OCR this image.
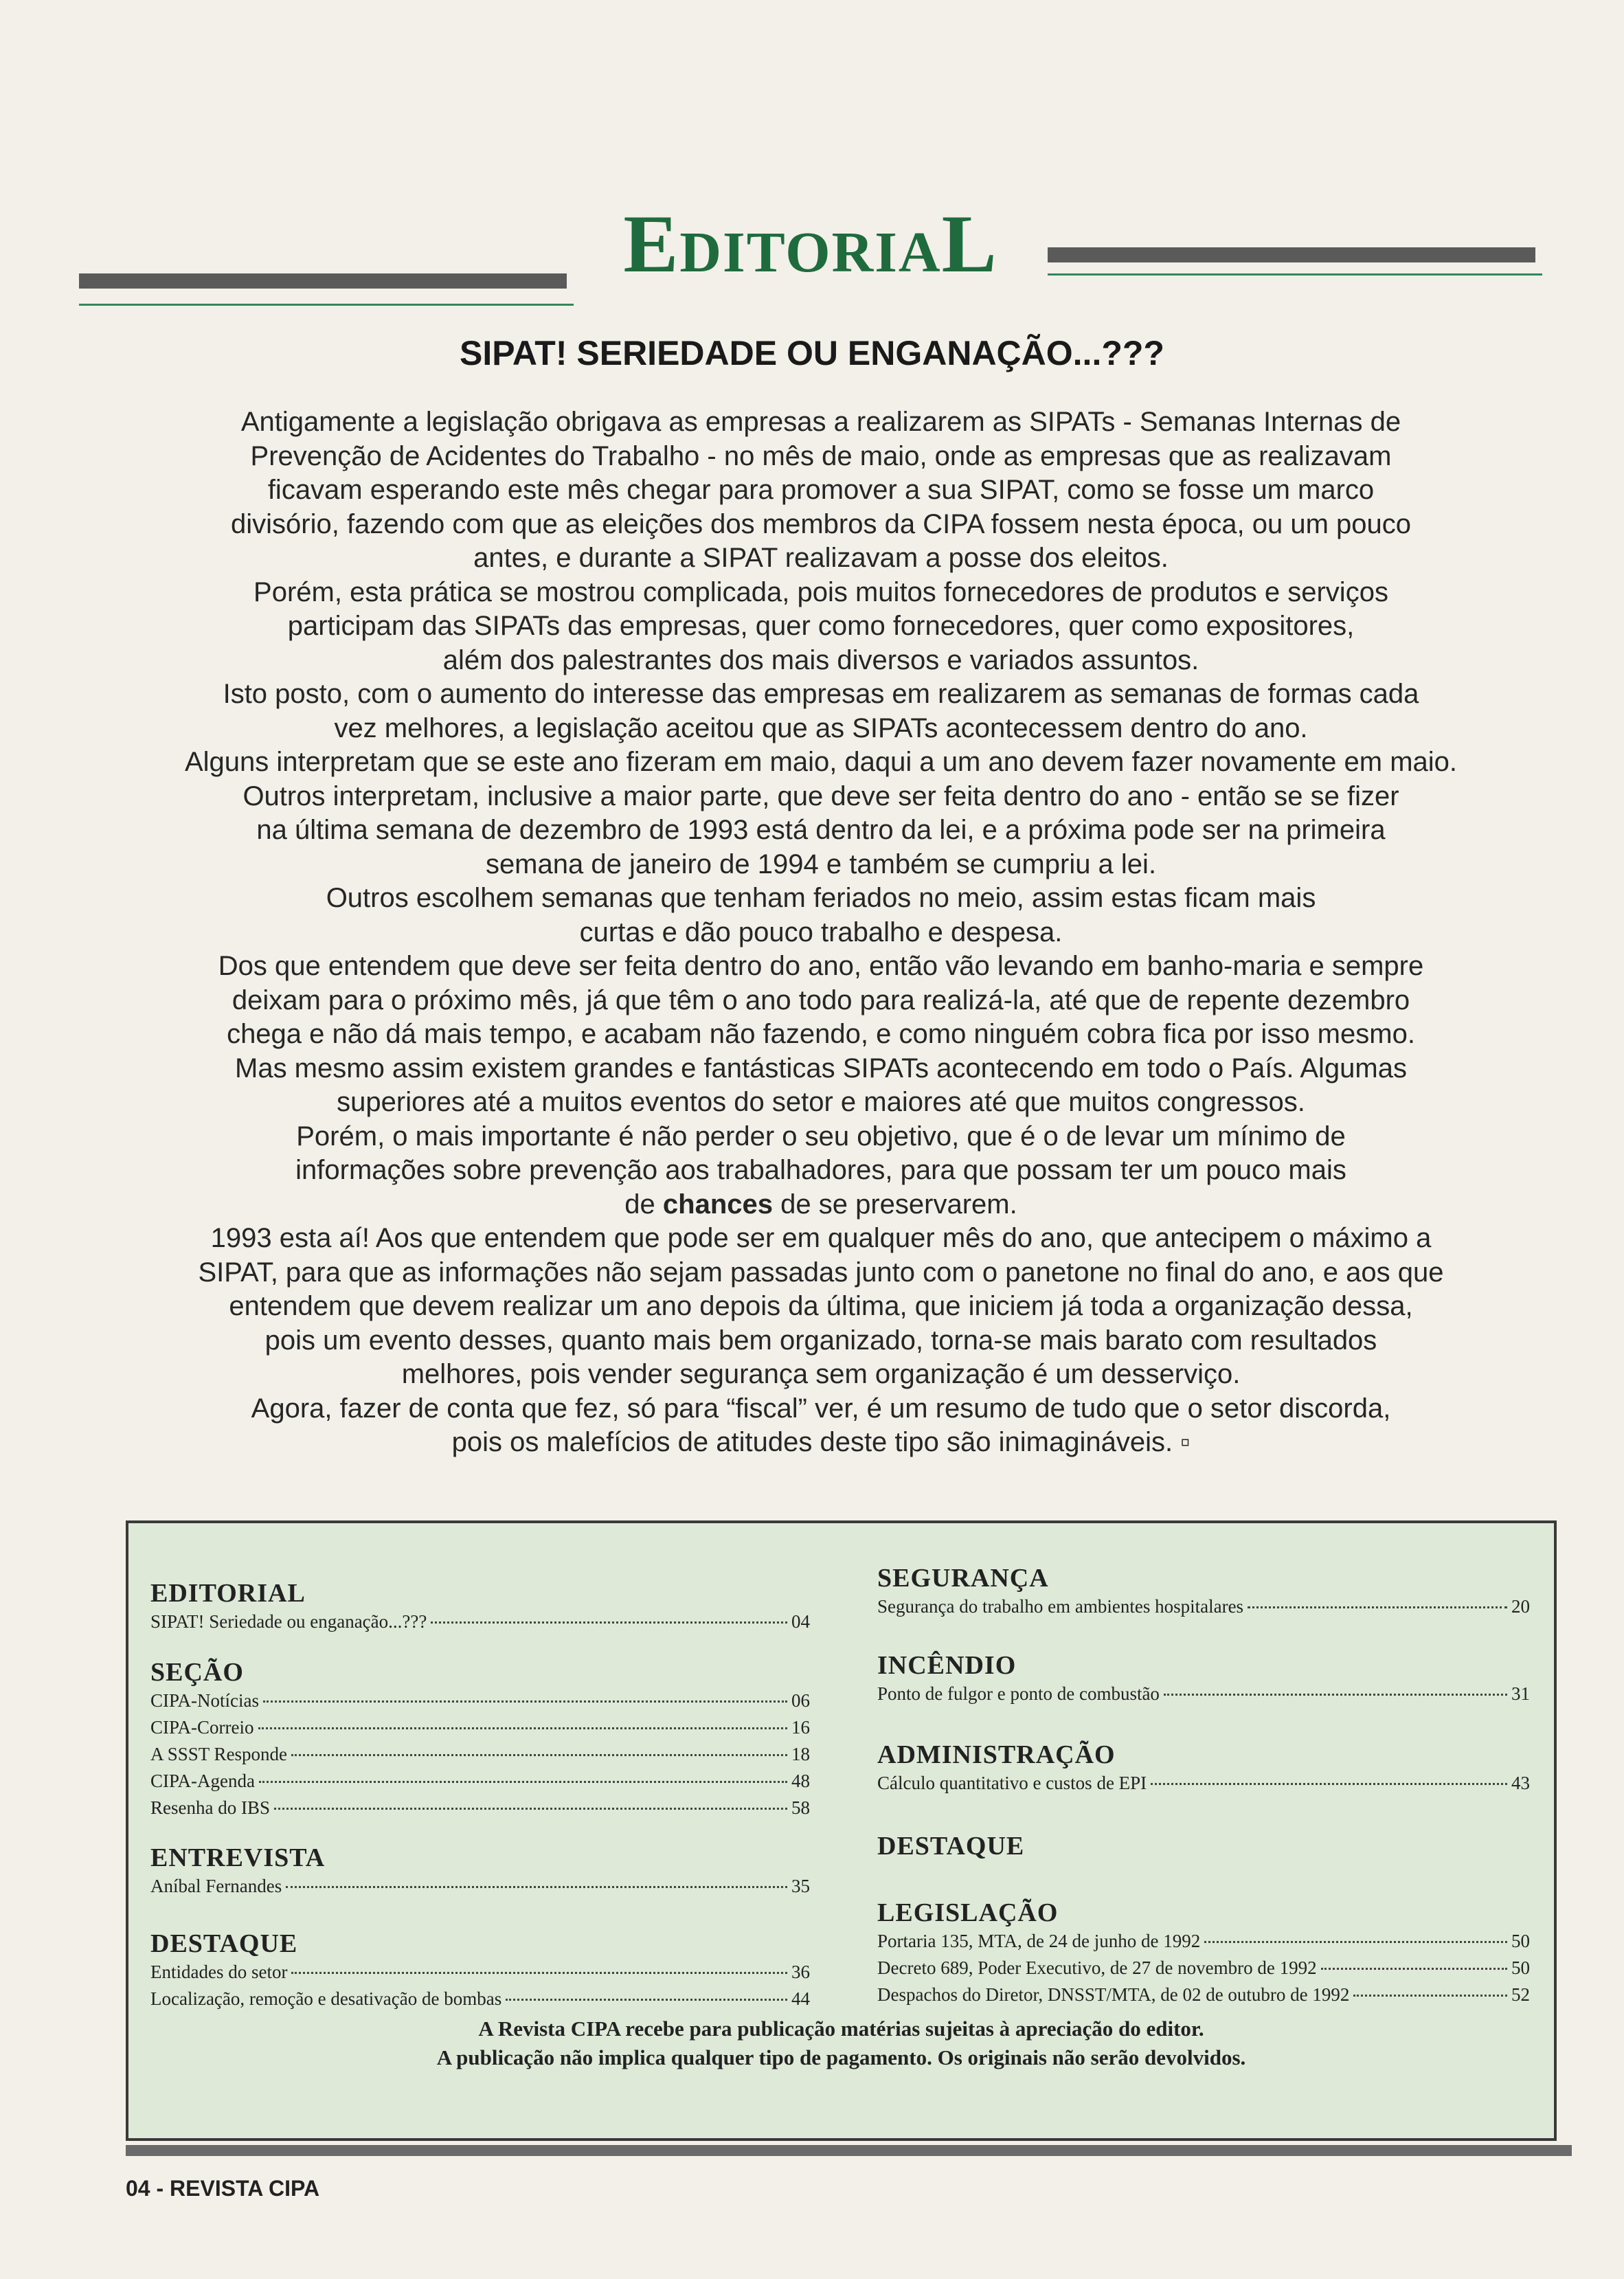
EditoriaL
SIPAT! SERIEDADE OU ENGANAÇÃO...???
Antigamente a legislação obrigava as empresas a realizarem as SIPATs - Semanas Internas de
Prevenção de Acidentes do Trabalho - no mês de maio, onde as empresas que as realizavam
ficavam esperando este mês chegar para promover a sua SIPAT, como se fosse um marco
divisório, fazendo com que as eleições dos membros da CIPA fossem nesta época, ou um pouco
antes, e durante a SIPAT realizavam a posse dos eleitos.
Porém, esta prática se mostrou complicada, pois muitos fornecedores de produtos e serviços
participam das SIPATs das empresas, quer como fornecedores, quer como expositores,
além dos palestrantes dos mais diversos e variados assuntos.
Isto posto, com o aumento do interesse das empresas em realizarem as semanas de formas cada
vez melhores, a legislação aceitou que as SIPATs acontecessem dentro do ano.
Alguns interpretam que se este ano fizeram em maio, daqui a um ano devem fazer novamente em maio.
Outros interpretam, inclusive a maior parte, que deve ser feita dentro do ano - então se se fizer
na última semana de dezembro de 1993 está dentro da lei, e a próxima pode ser na primeira
semana de janeiro de 1994 e também se cumpriu a lei.
Outros escolhem semanas que tenham feriados no meio, assim estas ficam mais
curtas e dão pouco trabalho e despesa.
Dos que entendem que deve ser feita dentro do ano, então vão levando em banho-maria e sempre
deixam para o próximo mês, já que têm o ano todo para realizá-la, até que de repente dezembro
chega e não dá mais tempo, e acabam não fazendo, e como ninguém cobra fica por isso mesmo.
Mas mesmo assim existem grandes e fantásticas SIPATs acontecendo em todo o País. Algumas
superiores até a muitos eventos do setor e maiores até que muitos congressos.
Porém, o mais importante é não perder o seu objetivo, que é o de levar um mínimo de
informações sobre prevenção aos trabalhadores, para que possam ter um pouco mais
de chances de se preservarem.
1993 esta aí! Aos que entendem que pode ser em qualquer mês do ano, que antecipem o máximo a
SIPAT, para que as informações não sejam passadas junto com o panetone no final do ano, e aos que
entendem que devem realizar um ano depois da última, que iniciem já toda a organização dessa,
pois um evento desses, quanto mais bem organizado, torna-se mais barato com resultados
melhores, pois vender segurança sem organização é um desserviço.
Agora, fazer de conta que fez, só para “fiscal” ver, é um resumo de tudo que o setor discorda,
pois os malefícios de atitudes deste tipo são inimagináveis. ▫
EDITORIAL
SIPAT! Seriedade ou enganação...???	04
SEÇÃO
CIPA-Notícias	06
CIPA-Correio	16
A SSST Responde	18
CIPA-Agenda	48
Resenha do IBS	58
ENTREVISTA
Aníbal Fernandes	35
DESTAQUE
Entidades do setor	36
Localização, remoção e desativação de bombas	44
SEGURANÇA
Segurança do trabalho em ambientes hospitalares	20
INCÊNDIO
Ponto de fulgor e ponto de combustão	31
ADMINISTRAÇÃO
Cálculo quantitativo e custos de EPI	43
DESTAQUE
LEGISLAÇÃO
Portaria 135, MTA, de 24 de junho de 1992	50
Decreto 689, Poder Executivo, de 27 de novembro de 1992	50
Despachos do Diretor, DNSST/MTA, de 02 de outubro de 1992	52
A Revista CIPA recebe para publicação matérias sujeitas à apreciação do editor.
A publicação não implica qualquer tipo de pagamento. Os originais não serão devolvidos.
04 - REVISTA CIPA
